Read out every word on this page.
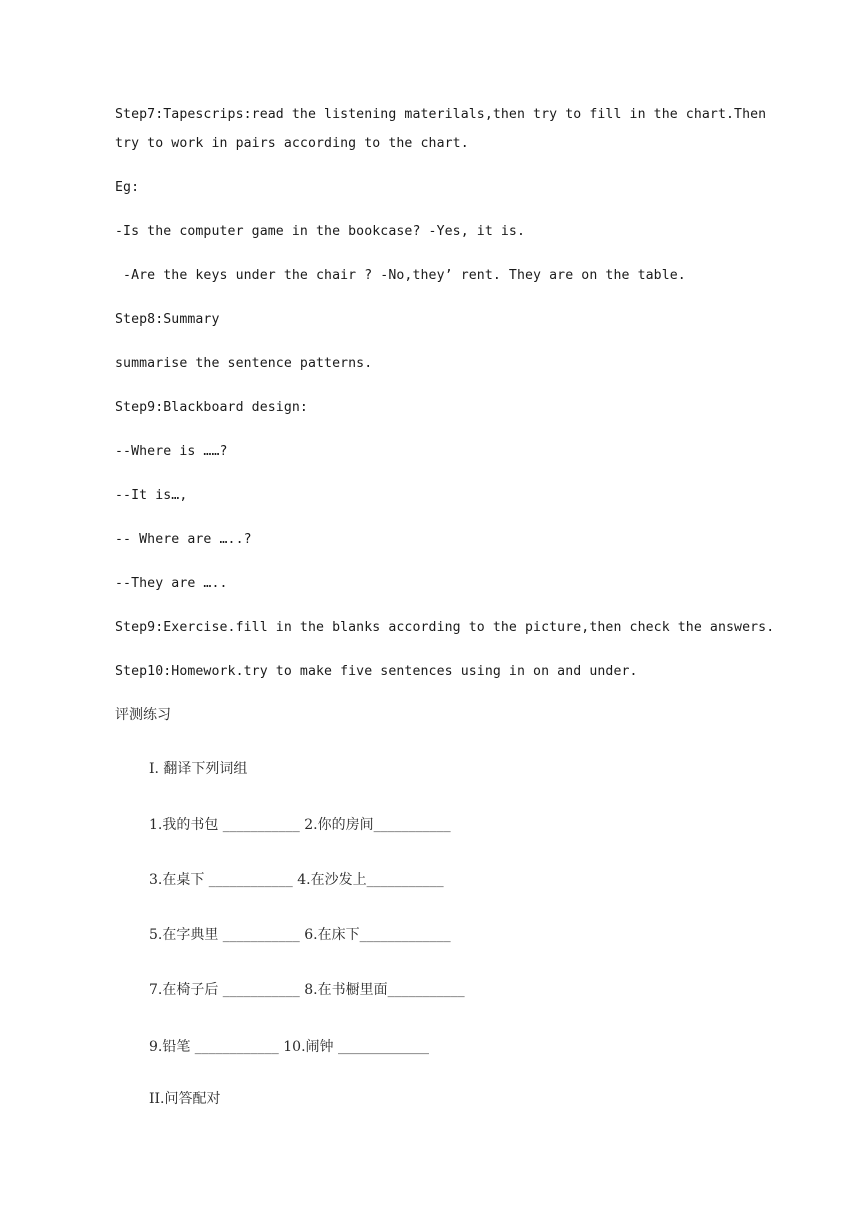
Step7:Tapescrips:read the listening materilals,then try to fill in the chart.Then
try to work in pairs according to the chart.
Eg:
-Is the computer game in the bookcase? -Yes, it is.
-Are the keys under the chair ? -No,they’ rent. They are on the table.
Step8:Summary
summarise the sentence patterns.
Step9:Blackboard design:
--Where is ……?
--It is…,
-- Where are …..?
--They are …..
Step9:Exercise.fill in the blanks according to the picture,then check the answers.
Step10:Homework.try to make five sentences using in on and under.
评测练习
I. 翻译下列词组
1.我的书包 ___________ 2.你的房间___________
3.在桌下 ____________ 4.在沙发上___________
5.在字典里 ___________ 6.在床下_____________
7.在椅子后 ___________ 8.在书橱里面___________
9.铅笔 ____________ 10.闹钟 _____________
II.问答配对
